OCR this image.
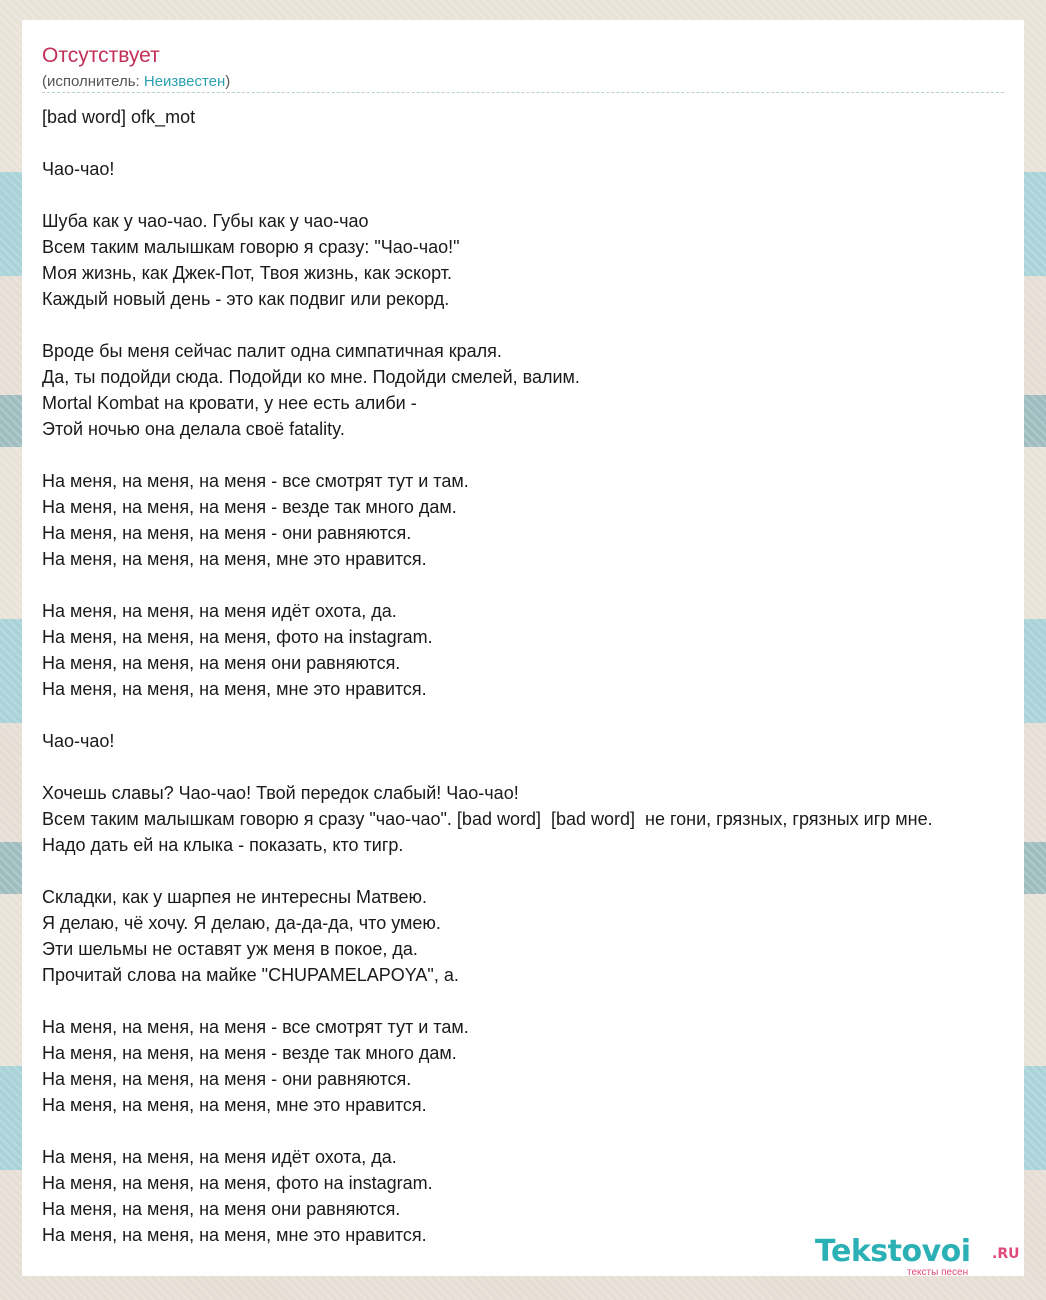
Отсутствует
(исполнитель: Неизвестен)
[bad word] ofk_mot
Чао-чао!
Шуба как у чао-чао. Губы как у чао-чао
Всем таким малышкам говорю я сразу: "Чао-чао!"
Моя жизнь, как Джек-Пот, Твоя жизнь, как эскорт.
Каждый новый день - это как подвиг или рекорд.
Вроде бы меня сейчас палит одна симпатичная краля.
Да, ты подойди сюда. Подойди ко мне. Подойди смелей, валим.
Mortal Kombat на кровати, у нее есть алиби -
Этой ночью она делала своё fatality.
На меня, на меня, на меня - все смотрят тут и там.
На меня, на меня, на меня - везде так много дам.
На меня, на меня, на меня - они равняются.
На меня, на меня, на меня, мне это нравится.
На меня, на меня, на меня идёт охота, да.
На меня, на меня, на меня, фото на instagram.
На меня, на меня, на меня они равняются.
На меня, на меня, на меня, мне это нравится.
Чао-чао!
Хочешь славы? Чао-чао! Твой передок слабый! Чао-чао!
Всем таким малышкам говорю я сразу "чао-чао". [bad word]  [bad word]  не гони, грязных, грязных игр мне.
Надо дать ей на клыка - показать, кто тигр.
Складки, как у шарпея не интересны Матвею.
Я делаю, чё хочу. Я делаю, да-да-да, что умею.
Эти шельмы не оставят уж меня в покое, да.
Прочитай слова на майке "CHUPAMELAPOYA", а.
На меня, на меня, на меня - все смотрят тут и там.
На меня, на меня, на меня - везде так много дам.
На меня, на меня, на меня - они равняются.
На меня, на меня, на меня, мне это нравится.
На меня, на меня, на меня идёт охота, да.
На меня, на меня, на меня, фото на instagram.
На меня, на меня, на меня они равняются.
На меня, на меня, на меня, мне это нравится.	Tekstovoi .RU
тексты песен
